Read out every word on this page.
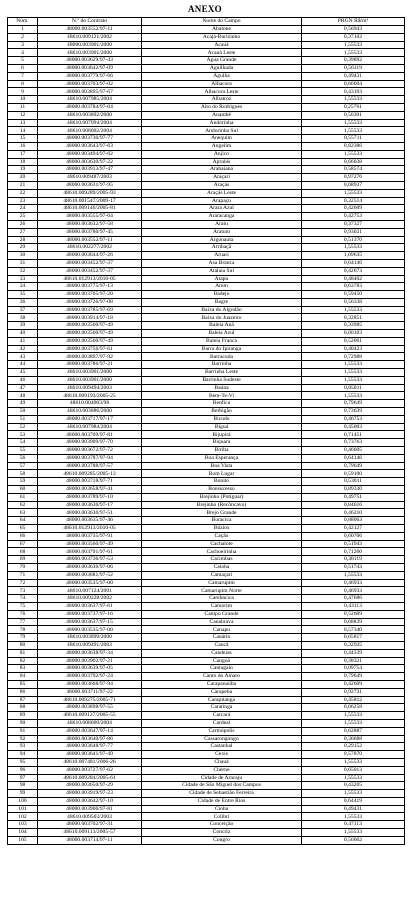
ANEXO
Núm.	N.º do Contrato	Nome do Campo	PRGN R$/m³
1	48000.003552/97-11	Abalone	0,56943
2	48610.009121/2002	Acajá-Burizinho	0,37102
3	48000.003901/2000	Acauã	1,55533
4	48610.003901/2000	Acauã Leste	1,55533
5	48000.003629/97-43	Água Grande	0,39892
6	48000.003642/97-09	Aguilhada	0,56119
7	48000.003779/97-66	Agulha	0,49431
8	48000.003703/97-02	Albacora	0,66604
9	48000.003895/97-67	Albacora Leste	0,43103
10	48610.007985/2004	Albatroz	1,55533
11	48000.003784/97-04	Alto do Rodrigues	0,25761
12	48610.003892/2000	Anambé	0,50301
13	48610.007994/2004	Andorinha	1,55533
14	48610.008002/2004	Andorinha Sul	1,55533
15	48000.003730/97-77	Anequim	0,55711
16	48000.003643/97-63	Angelim	0,82386
17	48000.003494/97-62	Anjico	1,55533
18	48000.003630/97-22	Apraiús	0,66038
19	48000.003913/97-47	Arabaiana	0,58574
20	48610.009487/2003	Araçari	0,97276
21	48000.003631/97-95	Araçás	0,68937
22	48610.009289/2005-93	Araçás Leste	1,55533
23	48610.001547/2009-17	Arapaçu	0,32514
24	48610.009146/2005-81	Arara Azul	0,42609
25	48000.003555/97-64	Araracanga	0,42753
26	48000.003632/97-58	Aratu	0,37327
27	48000.003780/97-45	Aratum	0,93021
28	48000.003552/97-11	Argonauta	0,51370
29	48610.002277/2002	Arribaçã	1,55533
30	48000.003644/97-26	Aruari	1,09635
31	48000.003452/97-37	Asa Branca	0,64146
32	48000.003452/97-37	Atalaia Sul	0,42673
33	48610.012913/2010-05	Atapu	0,48402
34	48000.003775/97-13	Atum	0,63783
35	48000.003705/97-20	Badejo	0,59450
36	48000.003726/97-08	Bagre	0,56338
37	48000.003785/97-69	Baixa do Algodão	1,55533
38	48000.003914/97-18	Baixa do Juazeiro	0,32851
39	48000.003560/97-49	Baleia Anã	0,33985
40	48000.003560/97-49	Baleia Azul	0,60103
41	48000.003560/97-49	Baleia Franca	0,52061
42	48000.003756/97-61	Barra do Ipiranga	0,40423
43	48000.003897/97-92	Barracuda	0,72988
44	48000.003786/97-21	Barrinha	1,55533
45	48610.003901/2000	Barrinha Leste	1,55533
46	48610.003901/2000	Barrinha Sudeste	1,55533
47	48610.009494/2003	Baúna	0,85011
48	48610.009193/2005-25	Bem-Te-Vi	1,55533
49	48610.004003/98	Benfica	0,79649
50	48610.003886/2000	Berbigão	0,73639
51	48000.003717/97-17	Bicudo	0,46753
52	48610.007984/2004	Biguá	0,45003
53	48000.003709/97-81	Bijupirá	0,71451
54	48000.003909/97-70	Biquara	0,73763
55	48000.003672/97-72	Biriba	0,46605
56	48000.003787/97-94	Boa Esperança	0,64146
57	48000.003788/97-57	Boa Vista	0,79649
58	48610.009285/2005-13	Bom Lugar	0,59100
59	48000.003718/97-71	Bonito	0,53011
60	48000.003658/97-41	Bonsucesso	0,89330
61	48000.003789/97-10	Brejinho (Potiguar)	0,49751
62	48000.003636/97-17	Brejinho (Recôncavo)	0,84616
63	48000.003636/97-51	Brejo Grande	0,46210
64	48000.003635/97-46	Buracica	0,88063
65	48610.012913/2010-05	Búzios	0,42127
66	48000.003735/97-91	Cação	0,60706
67	48000.003560/97-49	Cachalote	0,51943
68	48000.003791/97-61	Cachoeirinha	0,71260
69	48000.003736/97-53	Cacimbas	0,38119
70	48000.003636/97-06	Caioba	0,51743
71	48000.003681/97-52	Camaçari	1,55533
72	48000.003535/97-00	Camarupim	0,46933
73	48610.007124/2001	Camarupim Norte	0,46933
74	48610.009228/2002	Cambacica	0,47686
75	48000.003637/97-61	Camorim	0,43113
76	48000.003737/97-16	Campo Grande	0,52609
77	48000.003637/97-15	Canabrava	0,68839
78	48000.003535/97-00	Canapu	0,57340
79	48610.003899/2000	Canário	0,65817
80	48610.009491/2003	Cancã	0,32935
81	48000.003638/97-34	Candeias	0,44339
82	48000.003902/97-21	Cangoá	0,38321
83	48000.003639/97-05	Cantagalo	0,09754
84	48000.003792/97-24	Canto do Amaro	0,79649
85	48000.003668/97-94	Carapanaúba	0,42609
86	48000.003711/97-22	Carapeba	0,92731
87	48610.009275/2005-71	Carapitanga	0,45812
88	48000.003898/97-55	Caratinga	0,66258
89	48610.009127/2005-55	Carcará	1,55533
90	48610.008000/2004	Cardeal	1,55533
91	48000.003647/97-14	Carmópolis	0,62887
92	48000.003640/97-86	Cassarongongo	0,36688
93	48000.003648/97-77	Castanhal	0,29152
94	48000.003641/97-49	Cexis	0,57870
95	48610.007481/2006-26	Chauá	1,55533
96	48000.003727/97-62	Cherne	0,65013
97	48610.009284/2005-61	Cidade de Aracaju	1,55533
98	48000.003650/97-29	Cidade de São Miguel dos Campos	0,43205
99	48000.003919/97-23	Cidade de Sebastião Ferreira	1,55533
100	48000.003642/97-10	Cidade de Entre Rios	0,64419
101	48000.003906/97-81	Cioba	0,49431
102	48610.009503/2003	Colibri	1,55533
103	48000.003702/97-31	Conceição	0,47113
104	48610.009113/2005-57	Concriz	1,55533
105	48000.003714/97-11	Congro	0,56062
